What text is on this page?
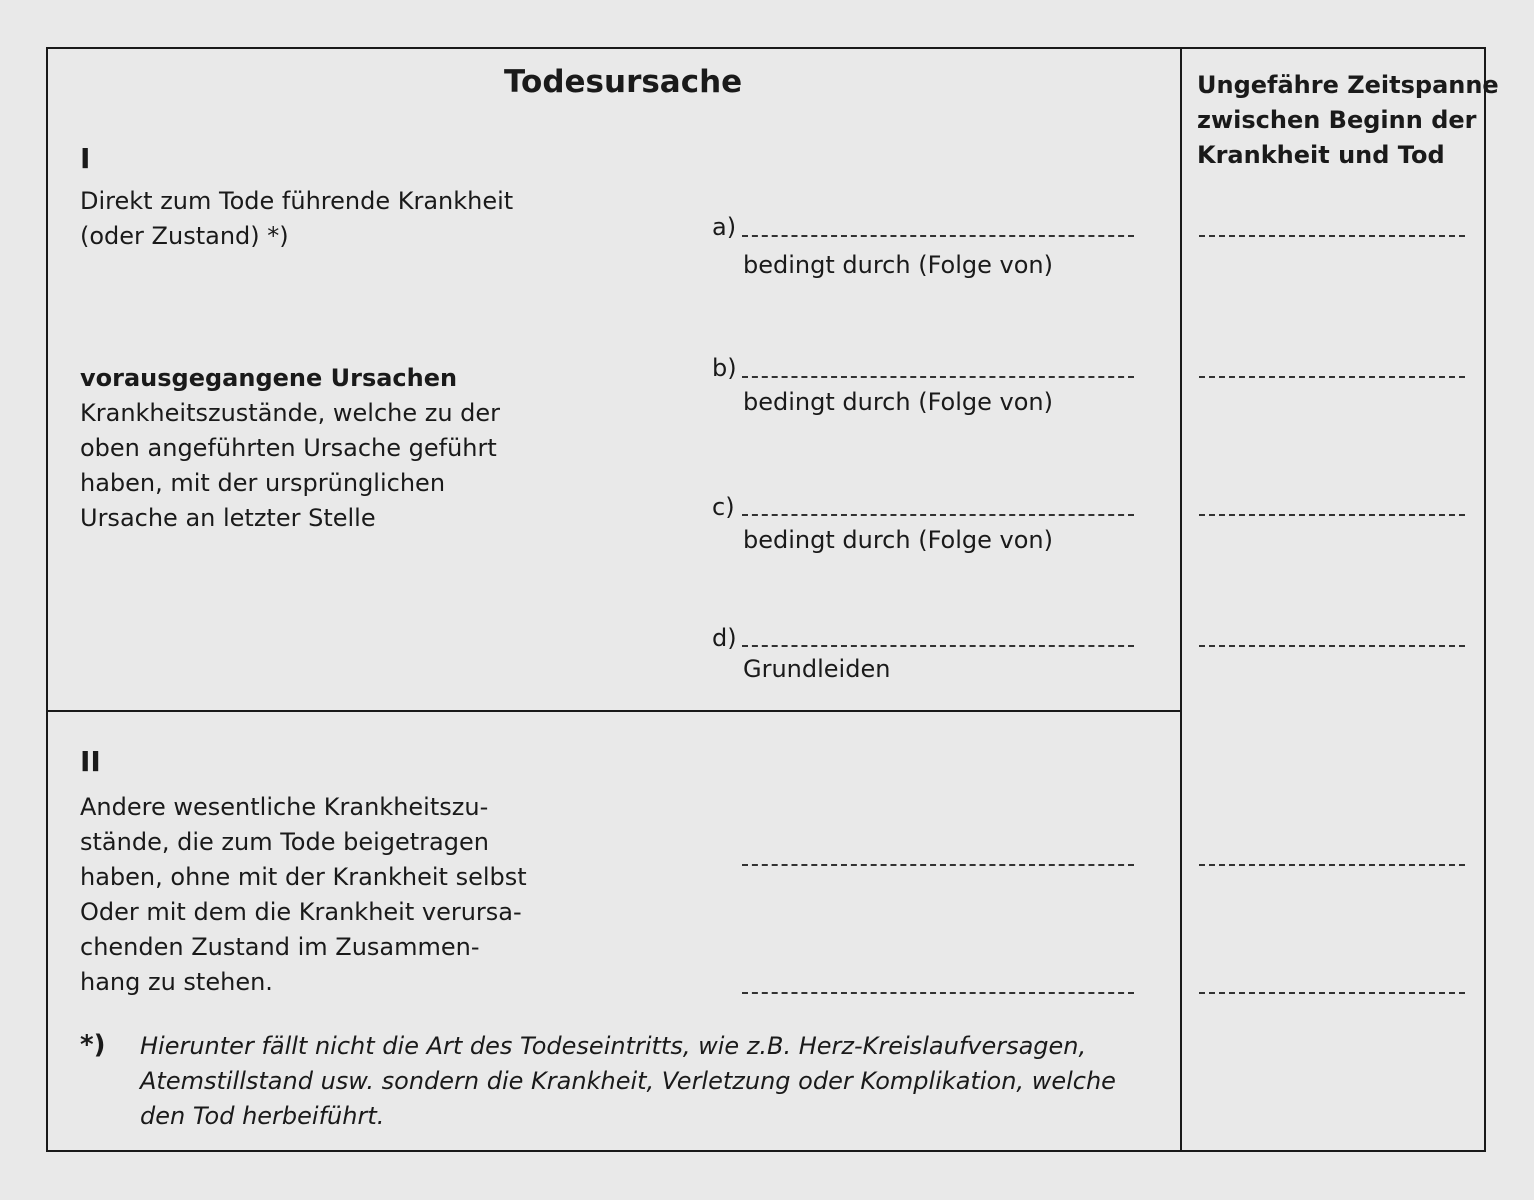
Todesursache	Ungefähre Zeitspanne
zwischen Beginn der
Krankheit und Tod
I
Direkt zum Tode führende Krankheit
(oder Zustand) *)
vorausgegangene Ursachen
Krankheitszustände, welche zu der
oben angeführten Ursache geführt
haben, mit der ursprünglichen
Ursache an letzter Stelle
a)
bedingt durch (Folge von)
b)
bedingt durch (Folge von)
c)
bedingt durch (Folge von)
d)
Grundleiden
II
Andere wesentliche Krankheitszu-
stände, die zum Tode beigetragen
haben, ohne mit der Krankheit selbst
Oder mit dem die Krankheit verursa-
chenden Zustand im Zusammen-
hang zu stehen.
*) Hierunter fällt nicht die Art des Todeseintritts, wie z.B. Herz-Kreislaufversagen,
Atemstillstand usw. sondern die Krankheit, Verletzung oder Komplikation, welche
den Tod herbeiführt.
